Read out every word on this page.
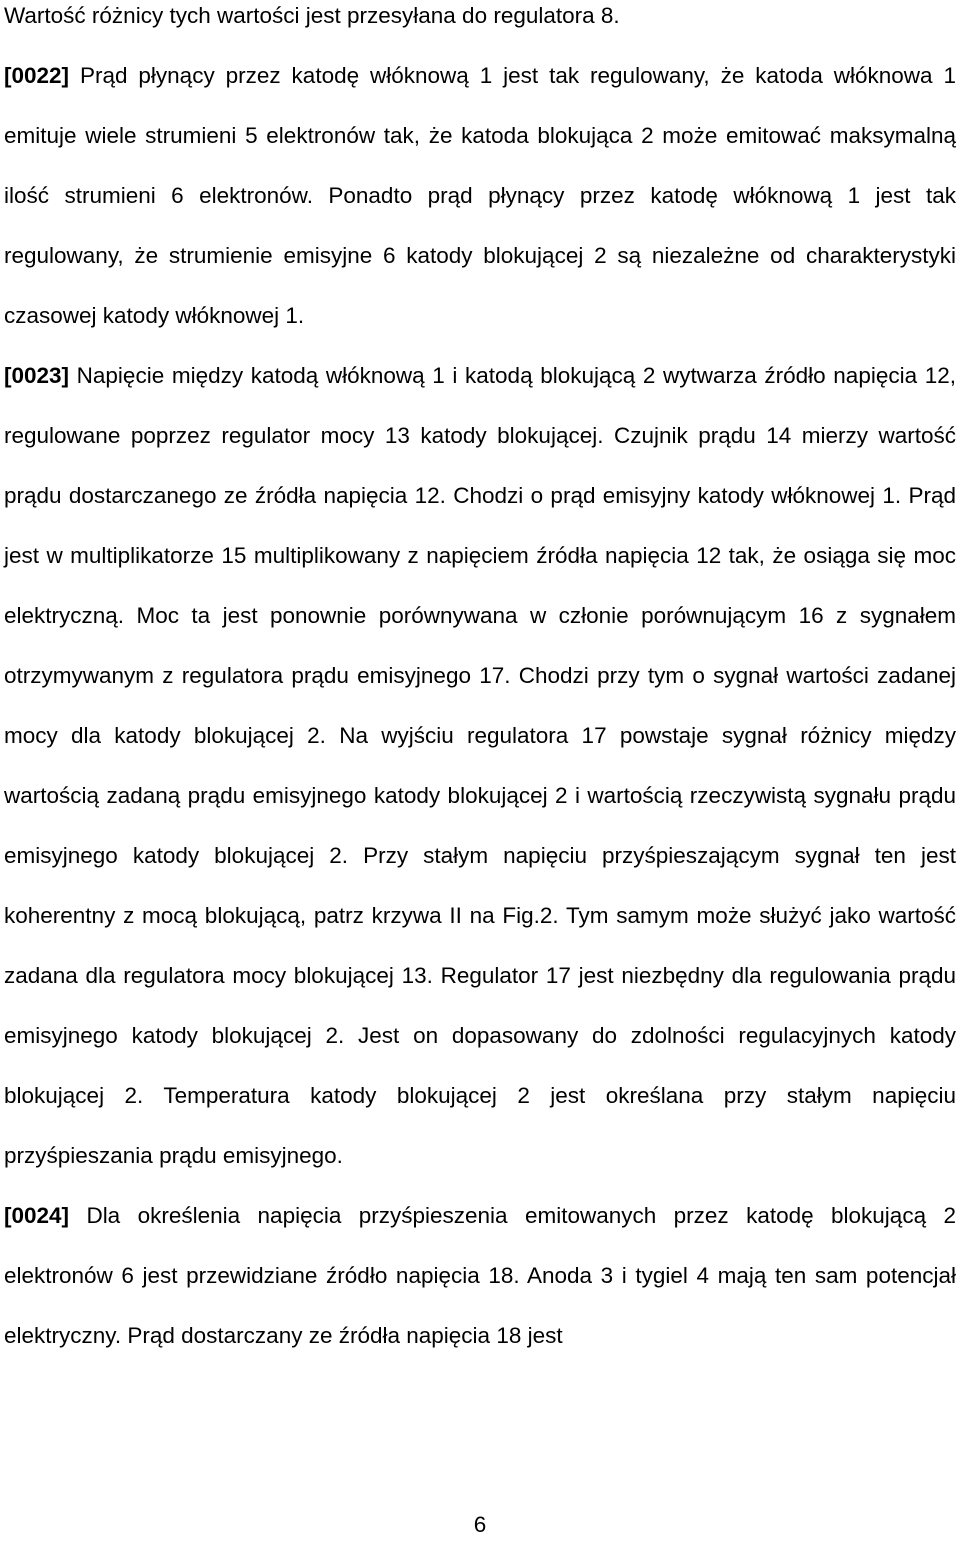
Wartość różnicy tych wartości jest przesyłana do regulatora 8.

[0022] Prąd płynący przez katodę włóknową 1 jest tak regulowany, że katoda włóknowa 1 emituje wiele strumieni 5 elektronów tak, że katoda blokująca 2 może emitować maksymalną ilość strumieni 6 elektronów. Ponadto prąd płynący przez katodę włóknową 1 jest tak regulowany, że strumienie emisyjne 6 katody blokującej 2 są niezależne od charakterystyki czasowej katody włóknowej 1.

[0023] Napięcie między katodą włóknową 1 i katodą blokującą 2 wytwarza źródło napięcia 12, regulowane poprzez regulator mocy 13 katody blokującej. Czujnik prądu 14 mierzy wartość prądu dostarczanego ze źródła napięcia 12. Chodzi o prąd emisyjny katody włóknowej 1. Prąd jest w multiplikatorze 15 multiplikowany z napięciem źródła napięcia 12 tak, że osiąga się moc elektryczną. Moc ta jest ponownie porównywana w członie porównującym 16 z sygnałem otrzymywanym z regulatora prądu emisyjnego 17. Chodzi przy tym o sygnał wartości zadanej mocy dla katody blokującej 2. Na wyjściu regulatora 17 powstaje sygnał różnicy między wartością zadaną prądu emisyjnego katody blokującej 2 i wartością rzeczywistą sygnału prądu emisyjnego katody blokującej 2. Przy stałym napięciu przyśpieszającym sygnał ten jest koherentny z mocą blokującą, patrz krzywa II na Fig.2. Tym samym może służyć jako wartość zadana dla regulatora mocy blokującej 13. Regulator 17 jest niezbędny dla regulowania prądu emisyjnego katody blokującej 2. Jest on dopasowany do zdolności regulacyjnych katody blokującej 2. Temperatura katody blokującej 2 jest określana przy stałym napięciu przyśpieszania prądu emisyjnego.

[0024] Dla określenia napięcia przyśpieszenia emitowanych przez katodę blokującą 2 elektronów 6 jest przewidziane źródło napięcia 18. Anoda 3 i tygiel 4 mają ten sam potencjał elektryczny. Prąd dostarczany ze źródła napięcia 18 jest

6
